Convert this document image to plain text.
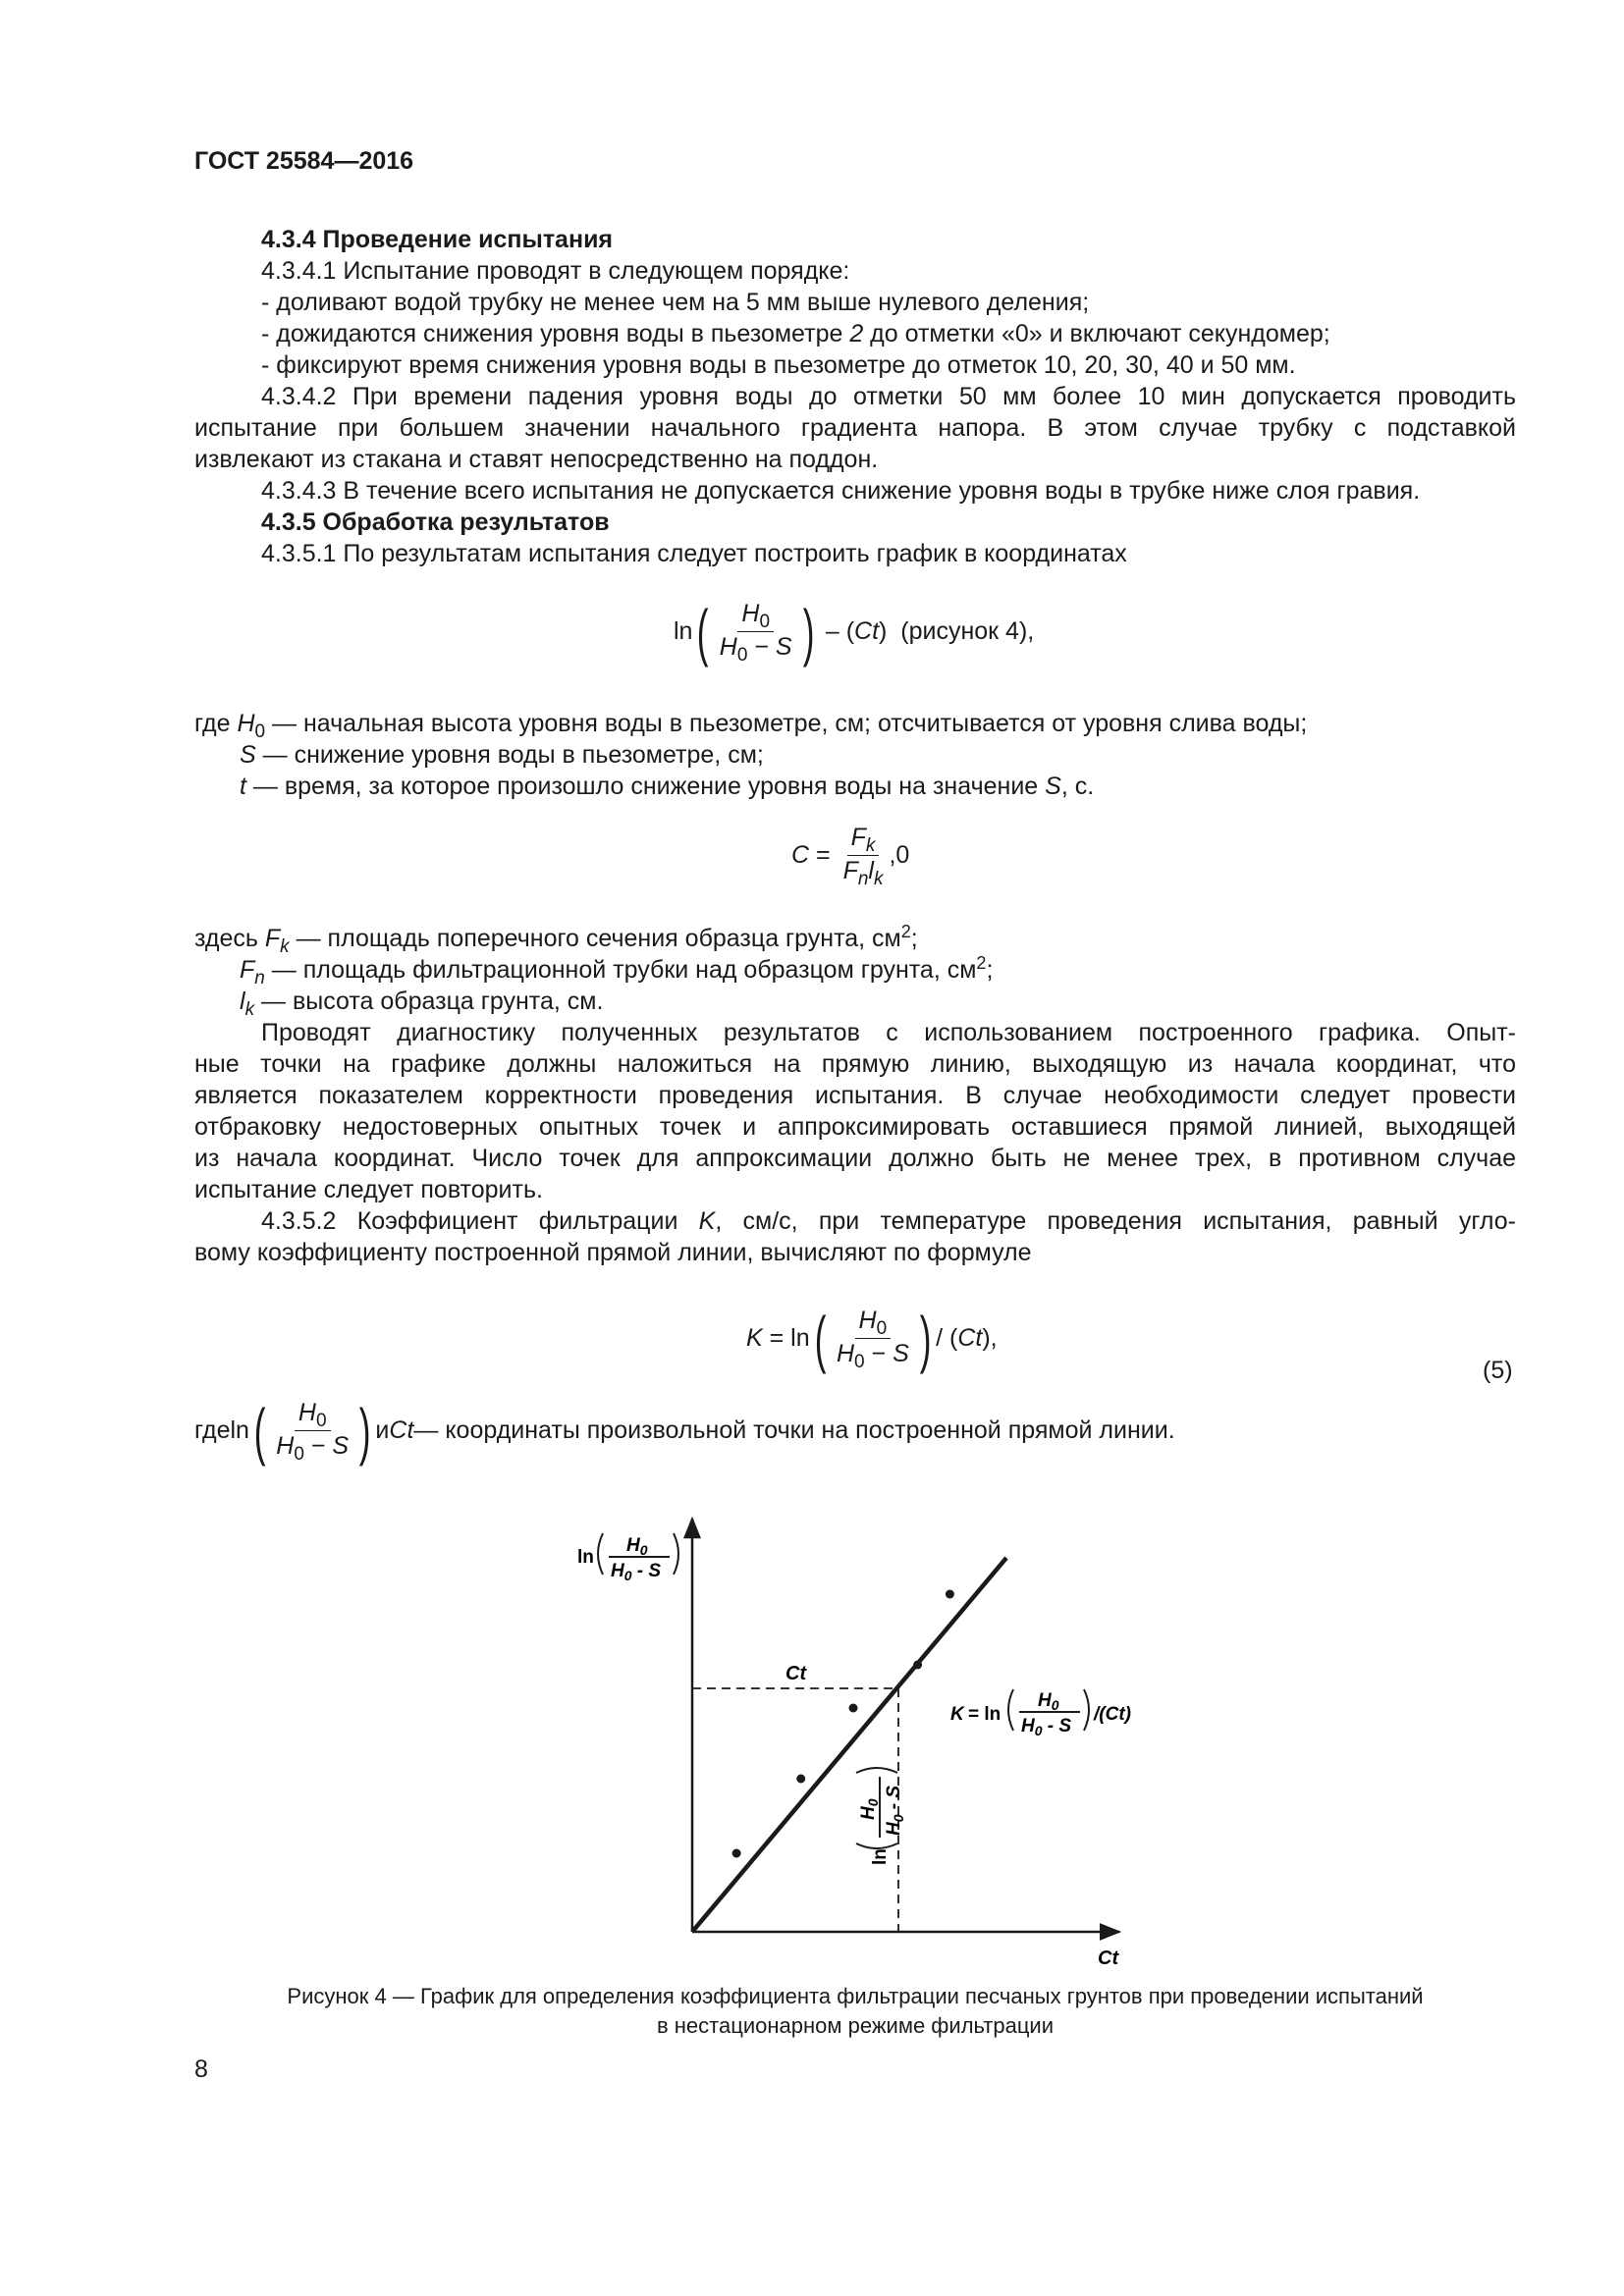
ГОСТ 25584—2016
4.3.4 Проведение испытания
4.3.4.1 Испытание проводят в следующем порядке:
- доливают водой трубку не менее чем на 5 мм выше нулевого деления;
- дожидаются снижения уровня воды в пьезометре 2 до отметки «0» и включают секундомер;
- фиксируют время снижения уровня воды в пьезометре до отметок 10, 20, 30, 40 и 50 мм.
4.3.4.2 При времени падения уровня воды до отметки 50 мм более 10 мин допускается проводить
испытание при большем значении начального градиента напора. В этом случае трубку с подставкой
извлекают из стакана и ставят непосредственно на поддон.
4.3.4.3 В течение всего испытания не допускается снижение уровня воды в трубке ниже слоя гравия.
4.3.5 Обработка результатов
4.3.5.1 По результатам испытания следует построить график в координатах
ln ( $\frac{H_0}{H_0 - S}$ ) – (Ct) (рисунок 4),
где $H_0$ — начальная высота уровня воды в пьезометре, см; отсчитывается от уровня слива воды;
S — снижение уровня воды в пьезометре, см;
t — время, за которое произошло снижение уровня воды на значение S, с.
$C = \frac{F_k}{F_nl_k} ,0$
здесь $F_k$ — площадь поперечного сечения образца грунта, $см^2$;
$F_n$ — площадь фильтрационной трубки над образцом грунта, $см^2$;
$l_k$ — высота образца грунта, см.
Проводят диагностику полученных результатов с использованием построенного графика. Опыт-
ные точки на графике должны наложиться на прямую линию, выходящую из начала координат, что
является показателем корректности проведения испытания. В случае необходимости следует провести
отбраковку недостоверных опытных точек и аппроксимировать оставшиеся прямой линией, выходящей
из начала координат. Число точек для аппроксимации должно быть не менее трех, в противном случае
испытание следует повторить.
4.3.5.2 Коэффициент фильтрации K, см/с, при температуре проведения испытания, равный угло-
вому коэффициенту построенной прямой линии, вычисляют по формуле
K = ln ( $\frac{H_0}{H_0 - S}$ ) / (Ct),
(5)
где ln ( $\frac{H_0}{H_0 - S}$ ) и Ct — координаты произвольной точки на построенной прямой линии.
ln
$H_0$
$H_0$ - S
Ct
Ct
K = ln
$H_0$
$H_0$ - S
/(Ct)
ln
$H_0$
$H_0$ - S
Рисунок 4 — График для определения коэффициента фильтрации песчаных грунтов при проведении испытаний
в нестационарном режиме фильтрации
8
